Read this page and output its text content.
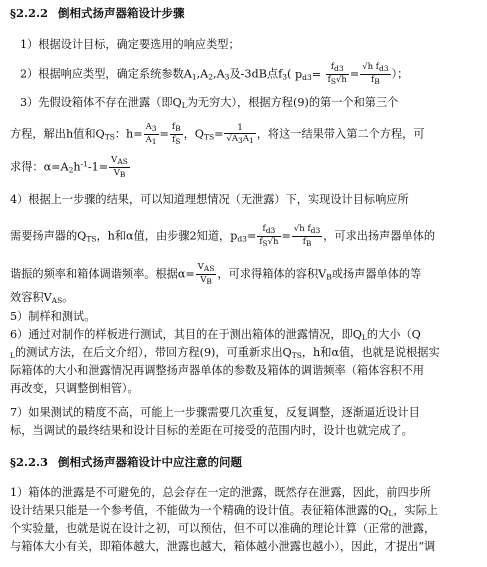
§2.2.2 倒相式扬声器箱设计步骤
1）根据设计目标，确定要选用的响应类型；
2）根据响应类型，确定系统参数$A_1,A_2,A_3$及-3dB点$f_3$( $p_{d3}= \frac{fd3}{fS√h} = \frac{\text{√h fd3}}{fB}$ ）；
3）先假设箱体不存在泄露（即$Q_L$为无穷大），根据方程(9)的第一个和第三个
方程，解出h值和$Q_{TS}$：$h= \frac{A3}{A1} = \frac{fB}{fS}$ ，$Q_{TS}= \frac{1}{√A3A1}$ ，将这一结果带入第二个方程，可
求得：$\alpha=A_2h^{-1}-1= \frac{\text{VAS}}{VB}$
4）根据上一步骤的结果，可以知道理想情况（无泄露）下，实现设计目标响应所
需要扬声器的$Q_{TS}$，h和α值，由步骤2知道，$p_{d3}= \frac{fd3}{fS√h} = \frac{\text{√h fd3}}{fB}$ ，可求出扬声器单体的
谐振的频率和箱体调谐频率。根据$\alpha= \frac{\text{VAS}}{VB}$ ，可求得箱体的容积$V_B$或扬声器单体的等
效容积$V_{AS}$。
5）制样和测试。
6）通过对制作的样板进行测试，其目的在于测出箱体的泄露情况，即$Q_L$的大小（Q
$_L$的测试方法，在后文介绍），带回方程(9)，可重新求出$Q_{TS}$，h和α值，也就是说根据实
际箱体的大小和泄露情况再调整扬声器单体的参数及箱体的调谐频率（箱体容积不用
再改变，只调整倒相管）。
7）如果测试的精度不高，可能上一步骤需要几次重复，反复调整，逐渐逼近设计目
标，当调试的最终结果和设计目标的差距在可接受的范围内时，设计也就完成了。
§2.2.3 倒相式扬声器箱设计中应注意的问题
1）箱体的泄露是不可避免的，总会存在一定的泄露，既然存在泄露，因此，前四步所
设计结果只能是一个参考值，不能做为一个精确的设计值。表征箱体泄露的$Q_L$，实际上
个实验量，也就是说在设计之初，可以预估，但不可以准确的理论计算（正常的泄露，
与箱体大小有关，即箱体越大，泄露也越大，箱体越小泄露也越小），因此，才提出“调
